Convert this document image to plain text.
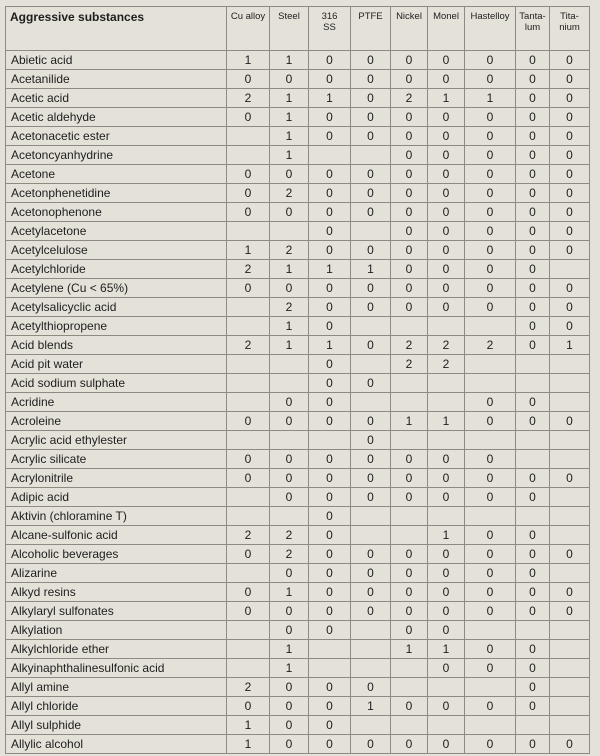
Aggressive substances	Cu alloy	Steel	316
SS	PTFE	Nickel	Monel	Hastelloy	Tanta-
lum	Tita-
nium

Abietic acid	1	1	0	0	0	0	0	0	0
Acetanilide	0	0	0	0	0	0	0	0	0
Acetic acid	2	1	1	0	2	1	1	0	0
Acetic aldehyde	0	1	0	0	0	0	0	0	0
Acetonacetic ester		1	0	0	0	0	0	0	0
Acetoncyanhydrine		1			0	0	0	0	0
Acetone	0	0	0	0	0	0	0	0	0
Acetonphenetidine	0	2	0	0	0	0	0	0	0
Acetonophenone	0	0	0	0	0	0	0	0	0
Acetylacetone			0		0	0	0	0	0
Acetylcelulose	1	2	0	0	0	0	0	0	0
Acetylchloride	2	1	1	1	0	0	0	0	
Acetylene (Cu < 65%)	0	0	0	0	0	0	0	0	0
Acetylsalicyclic acid		2	0	0	0	0	0	0	0
Acetylthiopropene		1	0					0	0
Acid blends	2	1	1	0	2	2	2	0	1
Acid pit water			0		2	2			
Acid sodium sulphate			0	0					
Acridine		0	0				0	0	
Acroleine	0	0	0	0	1	1	0	0	0
Acrylic acid ethylester				0					
Acrylic silicate	0	0	0	0	0	0	0		
Acrylonitrile	0	0	0	0	0	0	0	0	0
Adipic acid		0	0	0	0	0	0	0	
Aktivin (chloramine T)			0						
Alcane-sulfonic acid	2	2	0			1	0	0	
Alcoholic beverages	0	2	0	0	0	0	0	0	0
Alizarine		0	0	0	0	0	0	0	
Alkyd resins	0	1	0	0	0	0	0	0	0
Alkylaryl sulfonates	0	0	0	0	0	0	0	0	0
Alkylation		0	0		0	0			
Alkylchloride ether		1			1	1	0	0	
Alkyinaphthalinesulfonic acid		1				0	0	0	
Allyl amine	2	0	0	0				0	
Allyl chloride	0	0	0	1	0	0	0	0	
Allyl sulphide	1	0	0						
Allylic alcohol	1	0	0	0	0	0	0	0	0
